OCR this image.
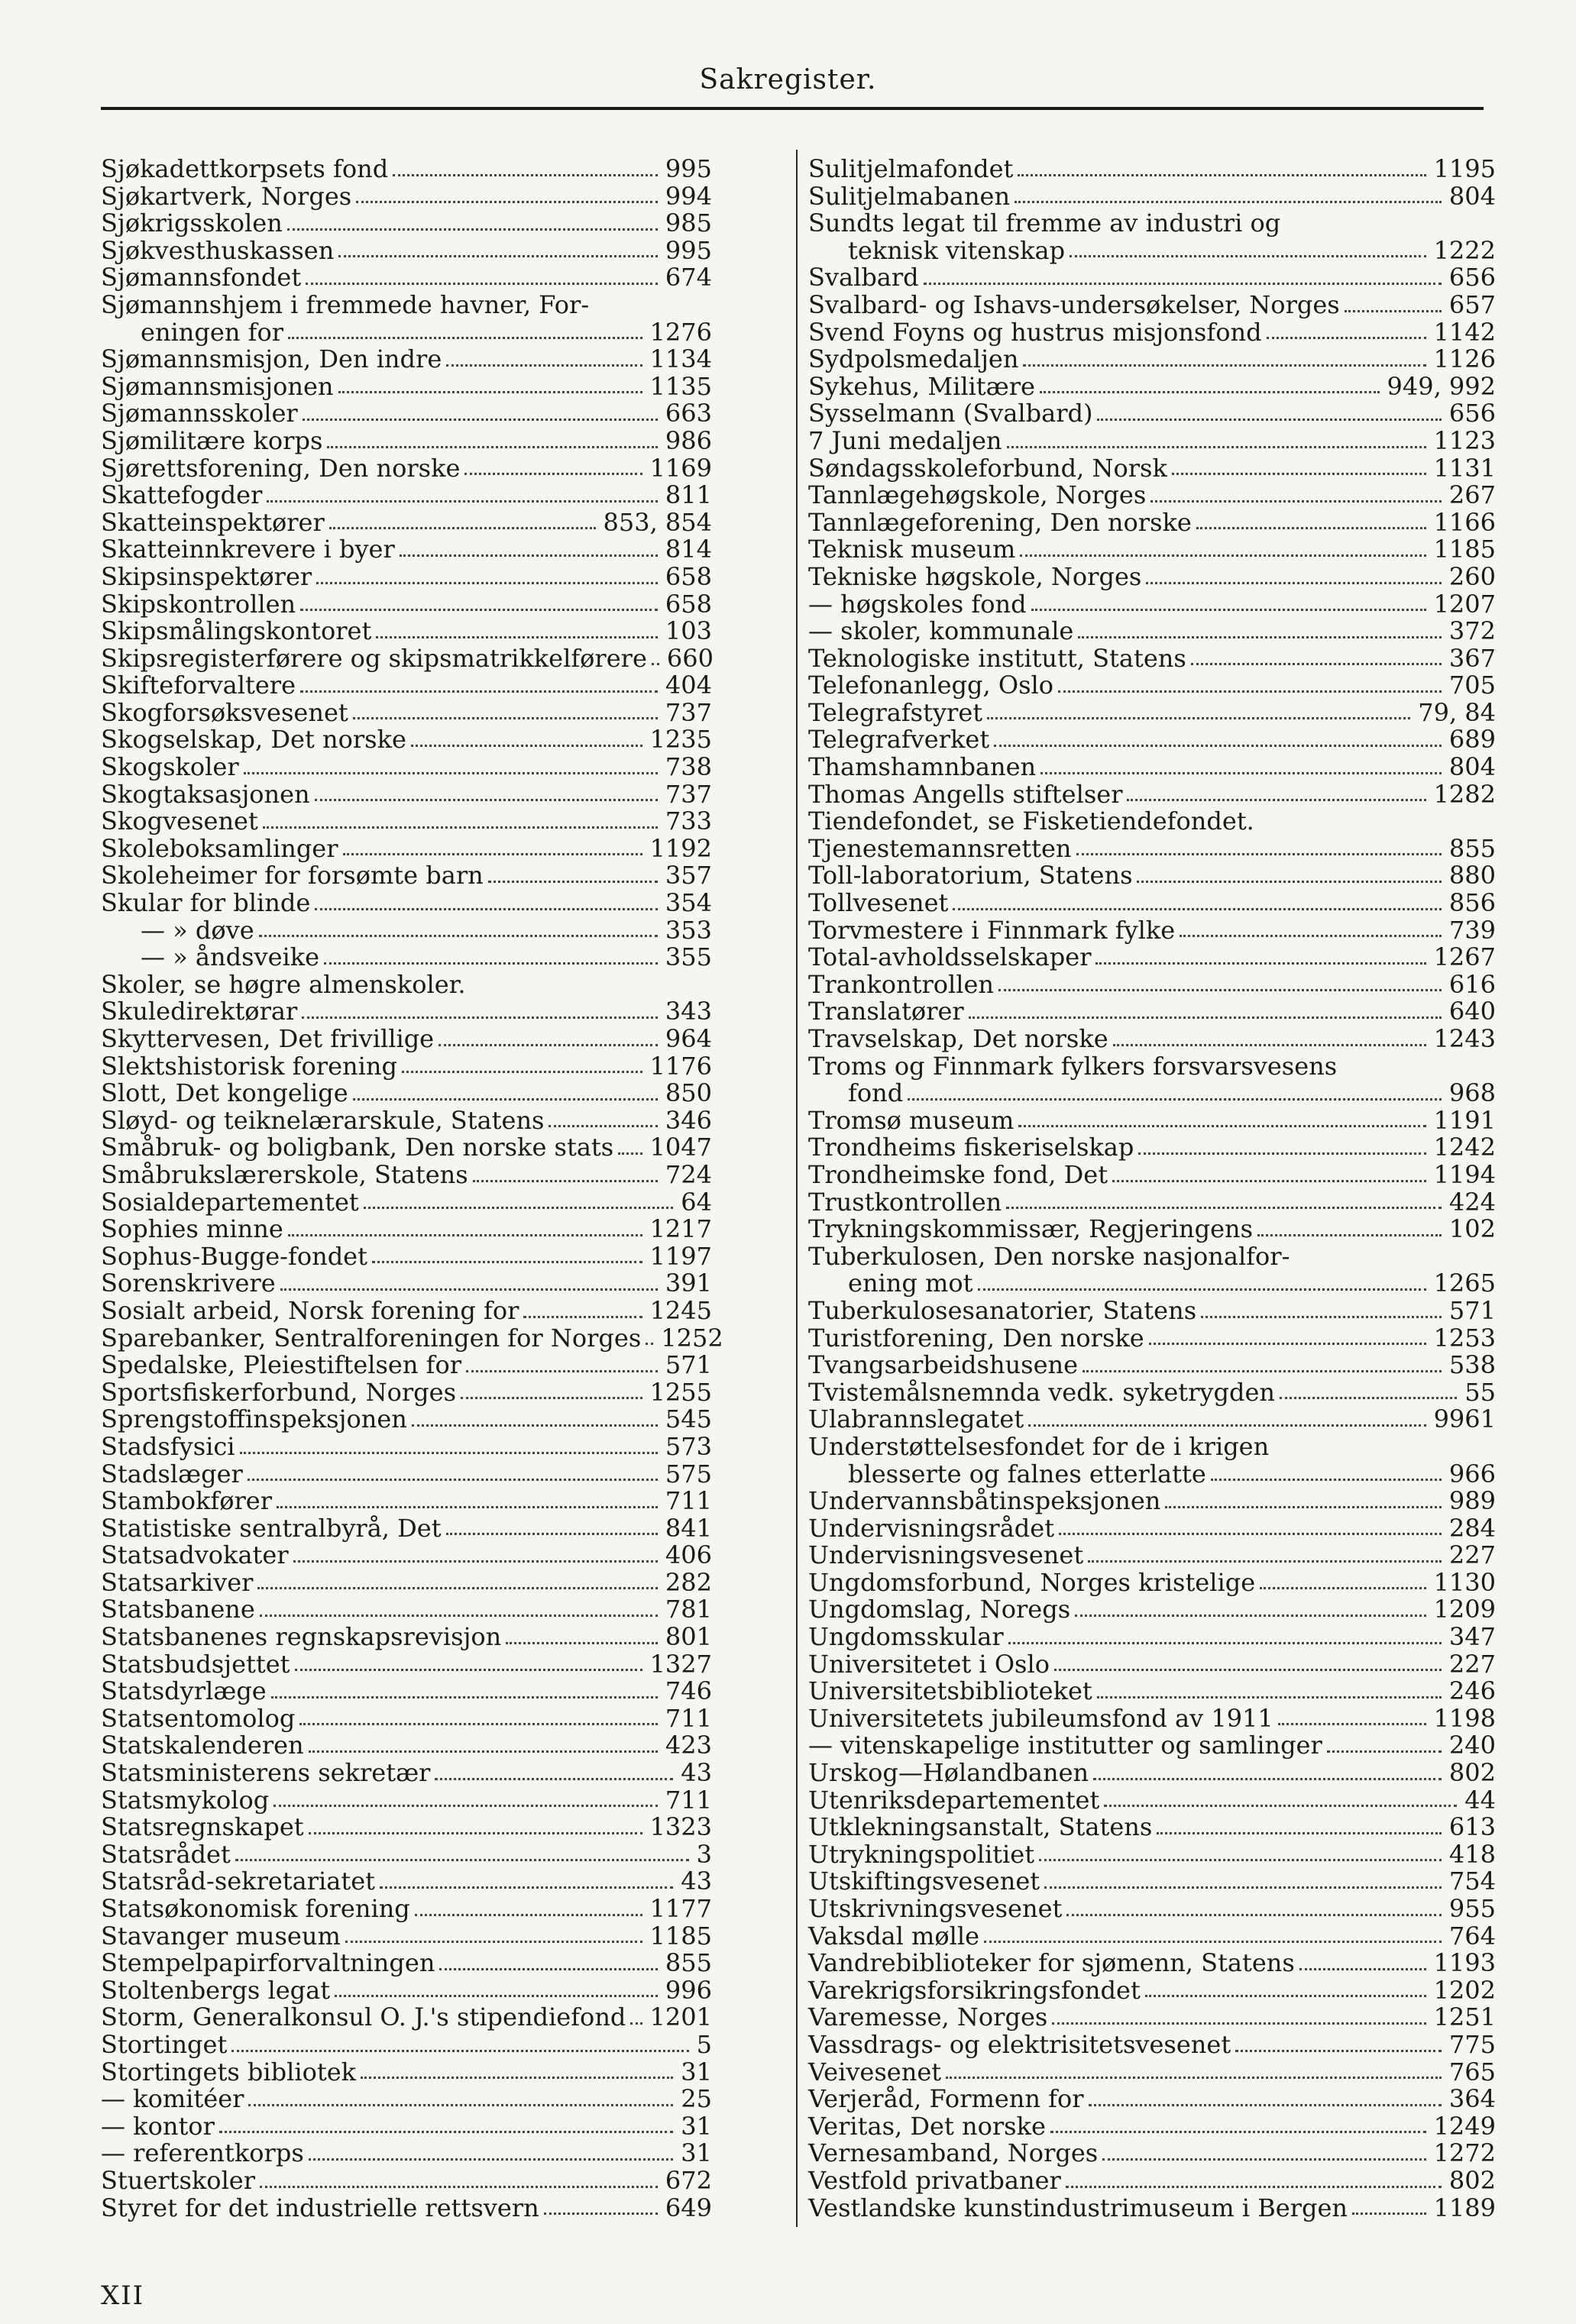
Sakregister.
Sjøkadettkorpsets fond	995
Sjøkartverk, Norges	994
Sjøkrigsskolen	985
Sjøkvesthuskassen	995
Sjømannsfondet	674
Sjømannshjem i fremmede havner, For-
eningen for	1276
Sjømannsmisjon, Den indre	1134
Sjømannsmisjonen	1135
Sjømannsskoler	663
Sjømilitære korps	986
Sjørettsforening, Den norske	1169
Skattefogder	811
Skatteinspektører	853, 854
Skatteinnkrevere i byer	814
Skipsinspektører	658
Skipskontrollen	658
Skipsmålingskontoret	103
Skipsregisterførere og skipsmatrikkelførere 660
Skifteforvaltere	404
Skogforsøksvesenet	737
Skogselskap, Det norske	1235
Skogskoler	738
Skogtaksasjonen	737
Skogvesenet	733
Skoleboksamlinger	1192
Skoleheimer for forsømte barn	357
Skular for blinde	354
— » døve	353
— » åndsveike	355
Skoler, se høgre almenskoler.
Skuledirektørar	343
Skyttervesen, Det frivillige	964
Slektshistorisk forening	1176
Slott, Det kongelige	850
Sløyd- og teiknelærarskule, Statens	346
Småbruk- og boligbank, Den norske stats 1047
Småbrukslærerskole, Statens	724
Sosialdepartementet	64
Sophies minne	1217
Sophus-Bugge-fondet	1197
Sorenskrivere	391
Sosialt arbeid, Norsk forening for	1245
Sparebanker, Sentralforeningen for Norges 1252
Spedalske, Pleiestiftelsen for	571
Sportsfiskerforbund, Norges	1255
Sprengstoffinspeksjonen	545
Stadsfysici	573
Stadslæger	575
Stambokfører	711
Statistiske sentralbyrå, Det	841
Statsadvokater	406
Statsarkiver	282
Statsbanene	781
Statsbanenes regnskapsrevisjon	801
Statsbudsjettet	1327
Statsdyrlæge	746
Statsentomolog	711
Statskalenderen	423
Statsministerens sekretær	43
Statsmykolog	711
Statsregnskapet	1323
Statsrådet	3
Statsråd-sekretariatet	43
Statsøkonomisk forening	1177
Stavanger museum	1185
Stempelpapirforvaltningen	855
Stoltenbergs legat	996
Storm, Generalkonsul O. J.'s stipendiefond 1201
Stortinget	5
Stortingets bibliotek	31
— komitéer	25
— kontor	31
— referentkorps	31
Stuertskoler	672
Styret for det industrielle rettsvern	649
Sulitjelmafondet	1195
Sulitjelmabanen	804
Sundts legat til fremme av industri og
teknisk vitenskap	1222
Svalbard	656
Svalbard- og Ishavs-undersøkelser, Norges	657
Svend Foyns og hustrus misjonsfond	1142
Sydpolsmedaljen	1126
Sykehus, Militære	949, 992
Sysselmann (Svalbard)	656
7 Juni medaljen	1123
Søndagsskoleforbund, Norsk	1131
Tannlægehøgskole, Norges	267
Tannlægeforening, Den norske	1166
Teknisk museum	1185
Tekniske høgskole, Norges	260
— høgskoles fond	1207
— skoler, kommunale	372
Teknologiske institutt, Statens	367
Telefonanlegg, Oslo	705
Telegrafstyret	79, 84
Telegrafverket	689
Thamshamnbanen	804
Thomas Angells stiftelser	1282
Tiendefondet, se Fisketiendefondet.
Tjenestemannsretten	855
Toll-laboratorium, Statens	880
Tollvesenet	856
Torvmestere i Finnmark fylke	739
Total-avholdsselskaper	1267
Trankontrollen	616
Translatører	640
Travselskap, Det norske	1243
Troms og Finnmark fylkers forsvarsvesens
fond	968
Tromsø museum	1191
Trondheims fiskeriselskap	1242
Trondheimske fond, Det	1194
Trustkontrollen	424
Trykningskommissær, Regjeringens	102
Tuberkulosen, Den norske nasjonalfor-
ening mot	1265
Tuberkulosesanatorier, Statens	571
Turistforening, Den norske	1253
Tvangsarbeidshusene	538
Tvistemålsnemnda vedk. syketrygden	55
Ulabrannslegatet	9961
Understøttelsesfondet for de i krigen
blesserte og falnes etterlatte	966
Undervannsbåtinspeksjonen	989
Undervisningsrådet	284
Undervisningsvesenet	227
Ungdomsforbund, Norges kristelige	1130
Ungdomslag, Noregs	1209
Ungdomsskular	347
Universitetet i Oslo	227
Universitetsbiblioteket	246
Universitetets jubileumsfond av 1911	1198
— vitenskapelige institutter og samlinger	240
Urskog—Hølandbanen	802
Utenriksdepartementet	44
Utklekningsanstalt, Statens	613
Utrykningspolitiet	418
Utskiftingsvesenet	754
Utskrivningsvesenet	955
Vaksdal mølle	764
Vandrebiblioteker for sjømenn, Statens	1193
Varekrigsforsikringsfondet	1202
Varemesse, Norges	1251
Vassdrags- og elektrisitetsvesenet	775
Veivesenet	765
Verjeråd, Formenn for	364
Veritas, Det norske	1249
Vernesamband, Norges	1272
Vestfold privatbaner	802
Vestlandske kunstindustrimuseum i Bergen	1189
XII
